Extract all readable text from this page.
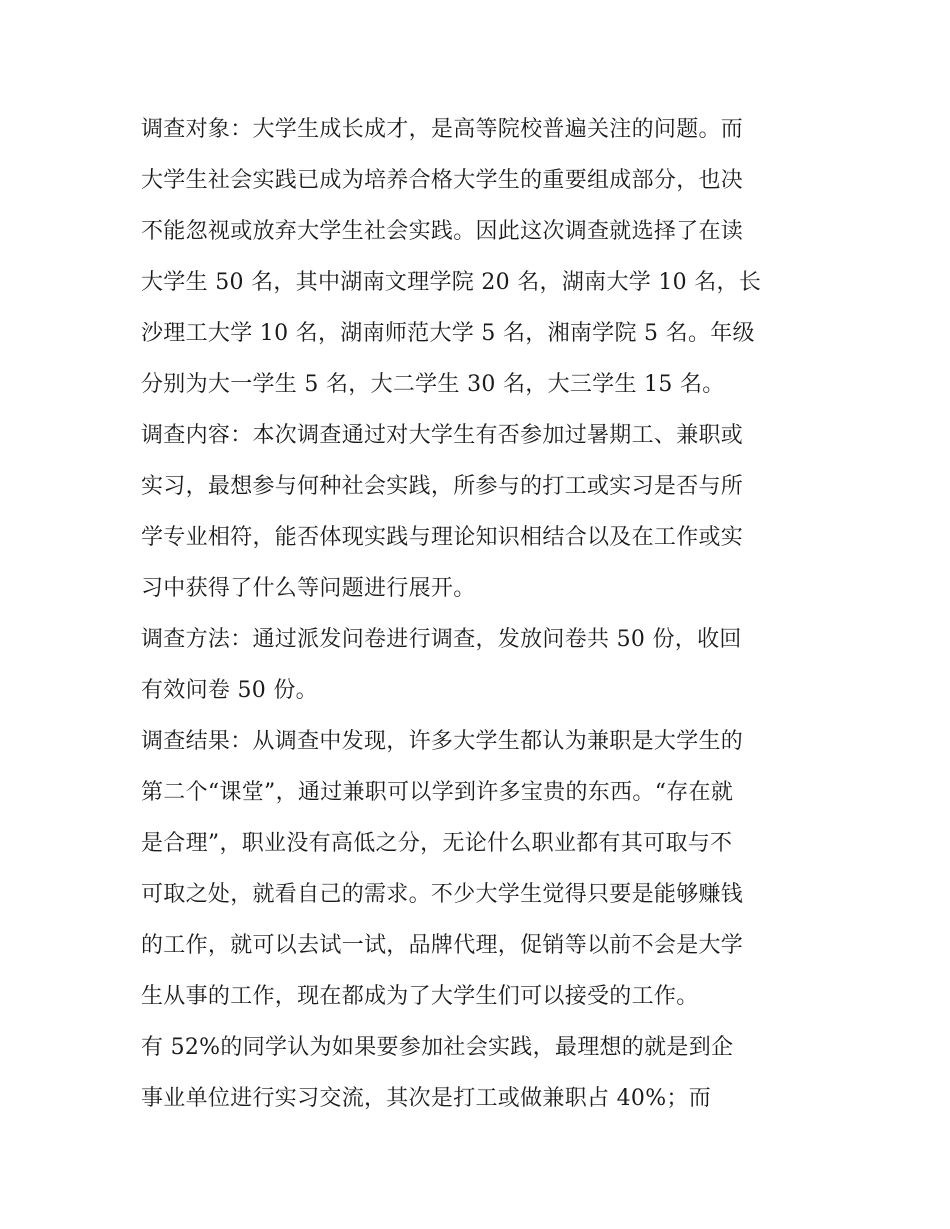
调查对象：大学生成长成才，是高等院校普遍关注的问题。而
大学生社会实践已成为培养合格大学生的重要组成部分，也决
不能忽视或放弃大学生社会实践。因此这次调查就选择了在读
大学生 50 名，其中湖南文理学院 20 名，湖南大学 10 名，长
沙理工大学 10 名，湖南师范大学 5 名，湘南学院 5 名。年级
分别为大一学生 5 名，大二学生 30 名，大三学生 15 名。
调查内容：本次调查通过对大学生有否参加过暑期工、兼职或
实习，最想参与何种社会实践，所参与的打工或实习是否与所
学专业相符，能否体现实践与理论知识相结合以及在工作或实
习中获得了什么等问题进行展开。
调查方法：通过派发问卷进行调查，发放问卷共 50 份，收回
有效问卷 50 份。
调查结果：从调查中发现，许多大学生都认为兼职是大学生的
第二个“课堂”，通过兼职可以学到许多宝贵的东西。“存在就
是合理”，职业没有高低之分，无论什么职业都有其可取与不
可取之处，就看自己的需求。不少大学生觉得只要是能够赚钱
的工作，就可以去试一试，品牌代理，促销等以前不会是大学
生从事的工作，现在都成为了大学生们可以接受的工作。
有 52%的同学认为如果要参加社会实践，最理想的就是到企
事业单位进行实习交流，其次是打工或做兼职占 40%；而
